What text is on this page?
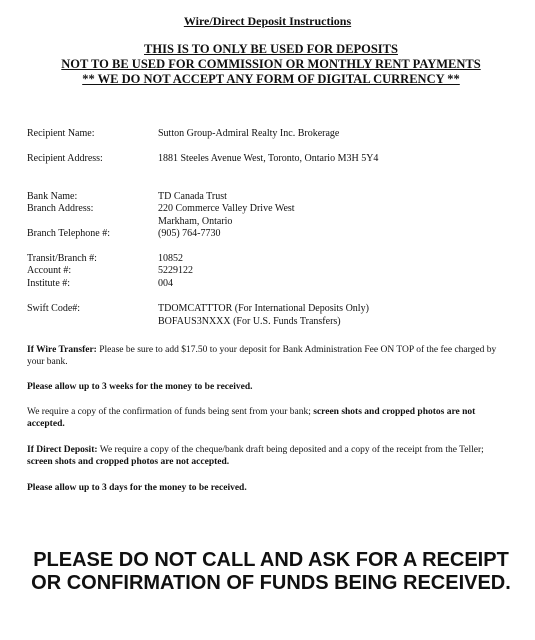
Wire/Direct Deposit Instructions
THIS IS TO ONLY BE USED FOR DEPOSITS
NOT TO BE USED FOR COMMISSION OR MONTHLY RENT PAYMENTS
** WE DO NOT ACCEPT ANY FORM OF DIGITAL CURRENCY **
Recipient Name:	Sutton Group-Admiral Realty Inc. Brokerage
Recipient Address:	1881 Steeles Avenue West, Toronto, Ontario M3H 5Y4
Bank Name:	TD Canada Trust
Branch Address:	220 Commerce Valley Drive West
Markham, Ontario
Branch Telephone #:	(905) 764-7730
Transit/Branch #:	10852
Account #:	5229122
Institute #:	004
Swift Code#:	TDOMCATTTOR (For International Deposits Only)
BOFAUS3NXXX (For U.S. Funds Transfers)
If Wire Transfer: Please be sure to add $17.50 to your deposit for Bank Administration Fee ON TOP of the fee charged by your bank.
Please allow up to 3 weeks for the money to be received.
We require a copy of the confirmation of funds being sent from your bank; screen shots and cropped photos are not accepted.
If Direct Deposit: We require a copy of the cheque/bank draft being deposited and a copy of the receipt from the Teller; screen shots and cropped photos are not accepted.
Please allow up to 3 days for the money to be received.
PLEASE DO NOT CALL AND ASK FOR A RECEIPT
OR CONFIRMATION OF FUNDS BEING RECEIVED.
